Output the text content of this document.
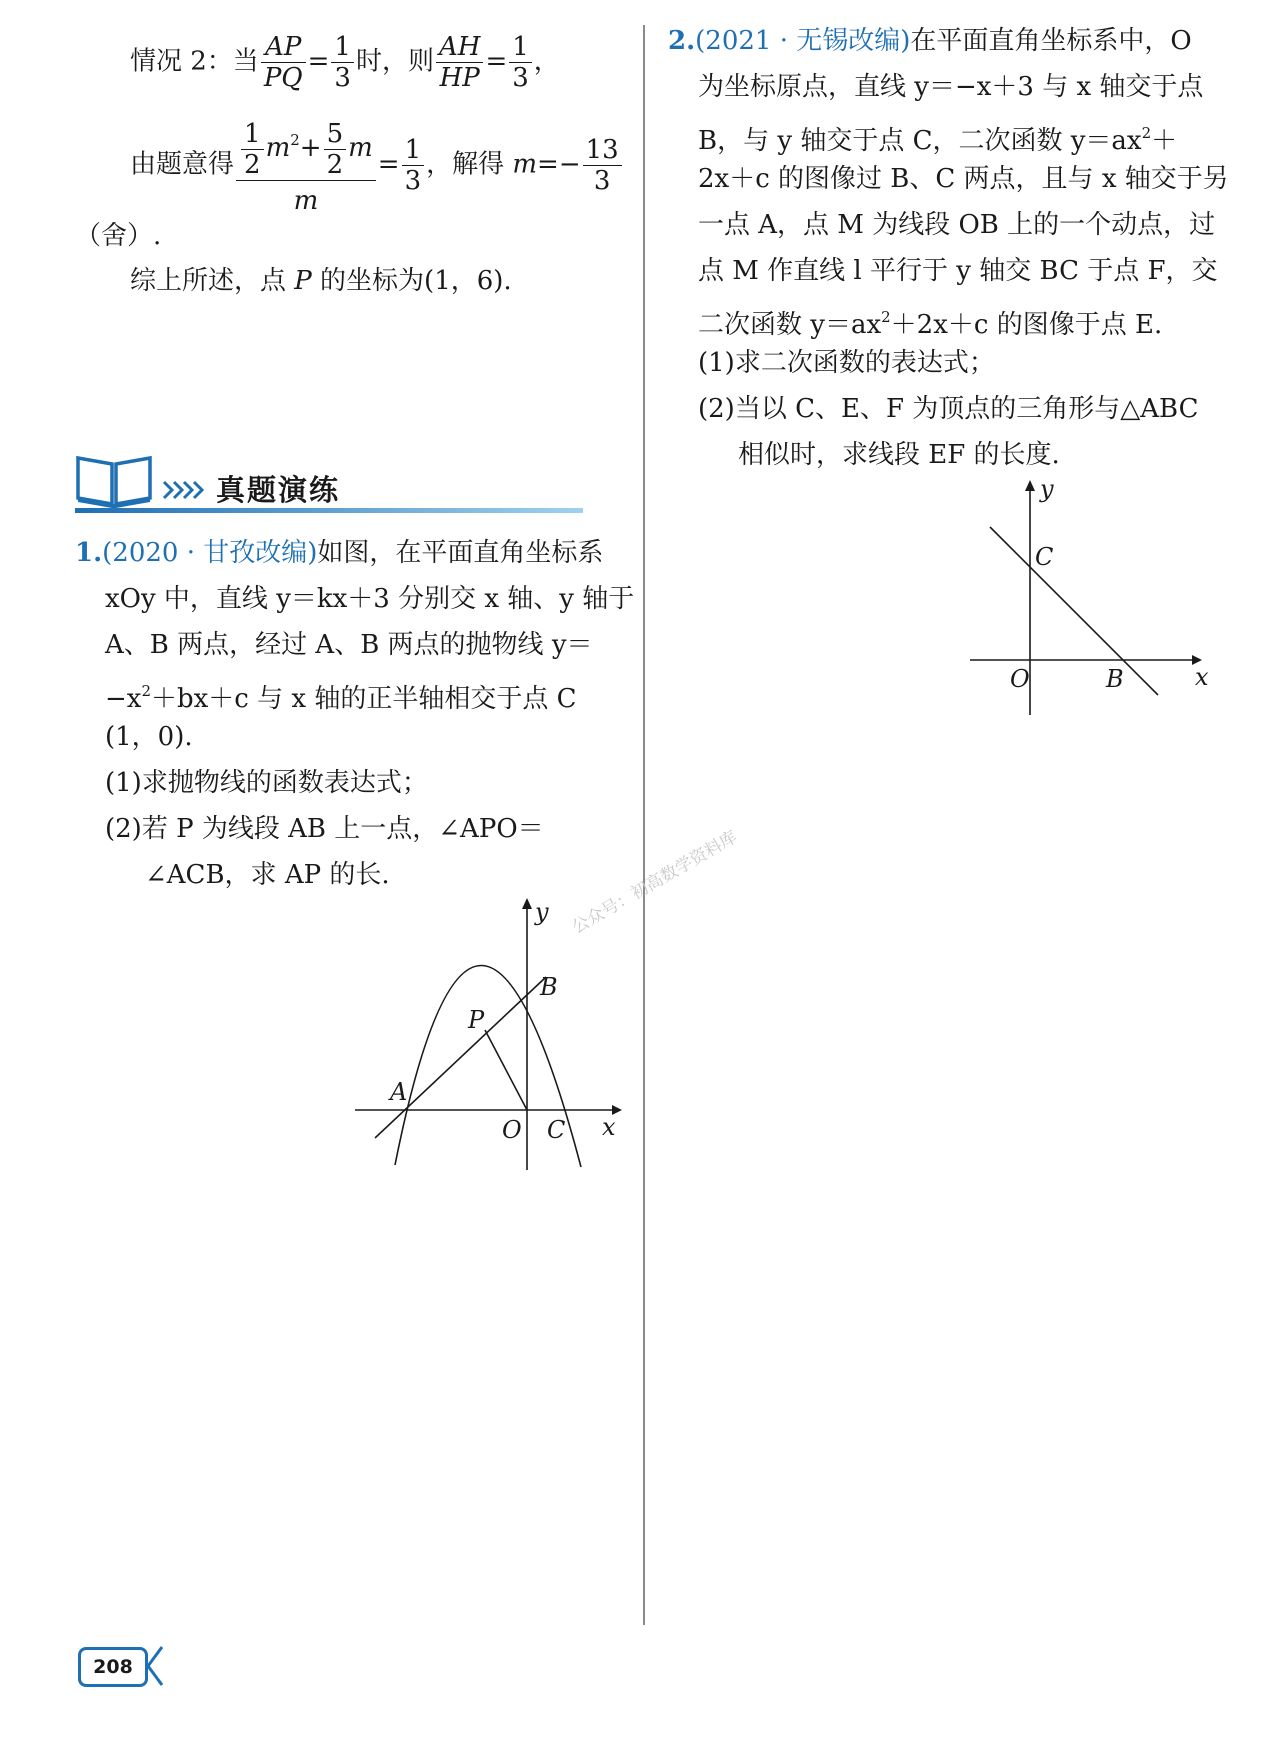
情况 2：当 $\frac{AP}{PQ} = \frac{1}{3}$ 时，则 $\frac{AH}{HP} = \frac{1}{3}$ ，
由题意得 $\frac{\frac{1}{2} m^2+ \frac{5}{2} m}{m} = \frac{1}{3}$ ，解得 $m=- \frac{13}{3}$
（舍）.
综上所述，点 P 的坐标为(1，6).
真题演练
1.(2020 · 甘孜改编)如图，在平面直角坐标系
xOy 中，直线 y＝kx＋3 分别交 x 轴、y 轴于
A、B 两点，经过 A、B 两点的抛物线 y＝
$-x^2+bx+c$ 与 x 轴的正半轴相交于点 C
(1，0).
(1)求抛物线的函数表达式；
(2)若 P 为线段 AB 上一点，∠APO＝
∠ACB，求 AP 的长.
y
x
A
B
P
O C
2.(2021 · 无锡改编)在平面直角坐标系中，O
为坐标原点，直线 y＝−x＋3 与 x 轴交于点
B，与 y 轴交于点 C，二次函数 $y=ax^2+$
2x＋c 的图像过 B、C 两点，且与 x 轴交于另
一点 A，点 M 为线段 OB 上的一个动点，过
点 M 作直线 l 平行于 y 轴交 BC 于点 F，交
二次函数 $y=ax^2+2x+c$ 的图像于点 E.
(1)求二次函数的表达式；
(2)当以 C、E、F 为顶点的三角形与△ABC
相似时，求线段 EF 的长度.
y
x
C
O	B
公众号：初高数学资料库
208
